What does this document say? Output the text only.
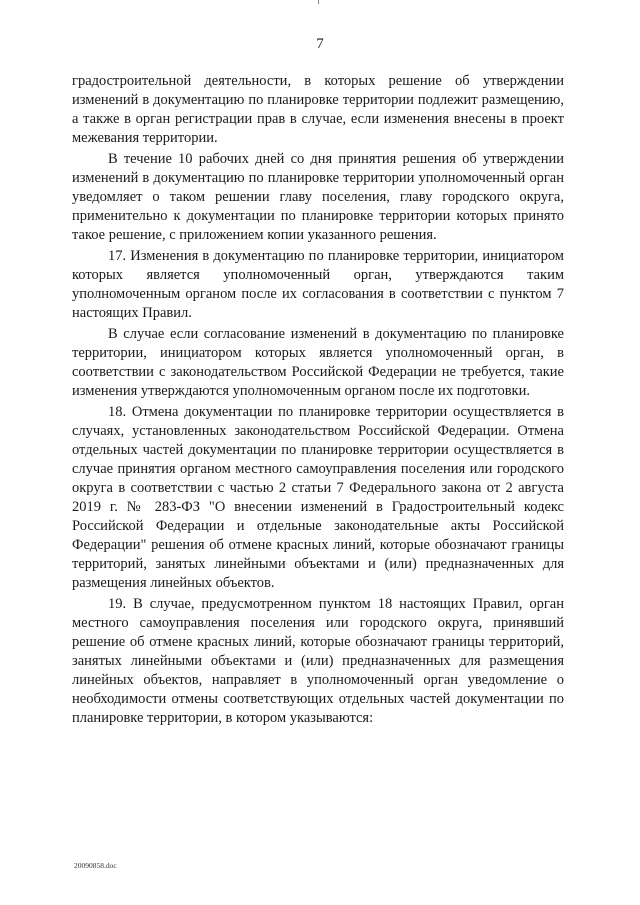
7

градостроительной деятельности, в которых решение об утверждении изменений в документацию по планировке территории подлежит размещению, а также в орган регистрации прав в случае, если изменения внесены в проект межевания территории.

В течение 10 рабочих дней со дня принятия решения об утверждении изменений в документацию по планировке территории уполномоченный орган уведомляет о таком решении главу поселения, главу городского округа, применительно к документации по планировке территории которых принято такое решение, с приложением копии указанного решения.

17. Изменения в документацию по планировке территории, инициатором которых является уполномоченный орган, утверждаются таким уполномоченным органом после их согласования в соответствии с пунктом 7 настоящих Правил.

В случае если согласование изменений в документацию по планировке территории, инициатором которых является уполномоченный орган, в соответствии с законодательством Российской Федерации не требуется, такие изменения утверждаются уполномоченным органом после их подготовки.

18. Отмена документации по планировке территории осуществляется в случаях, установленных законодательством Российской Федерации. Отмена отдельных частей документации по планировке территории осуществляется в случае принятия органом местного самоуправления поселения или городского округа в соответствии с частью 2 статьи 7 Федерального закона от 2 августа 2019 г. № 283-ФЗ "О внесении изменений в Градостроительный кодекс Российской Федерации и отдельные законодательные акты Российской Федерации" решения об отмене красных линий, которые обозначают границы территорий, занятых линейными объектами и (или) предназначенных для размещения линейных объектов.

19. В случае, предусмотренном пунктом 18 настоящих Правил, орган местного самоуправления поселения или городского округа, принявший решение об отмене красных линий, которые обозначают границы территорий, занятых линейными объектами и (или) предназначенных для размещения линейных объектов, направляет в уполномоченный орган уведомление о необходимости отмены соответствующих отдельных частей документации по планировке территории, в котором указываются:

20090858.doc
